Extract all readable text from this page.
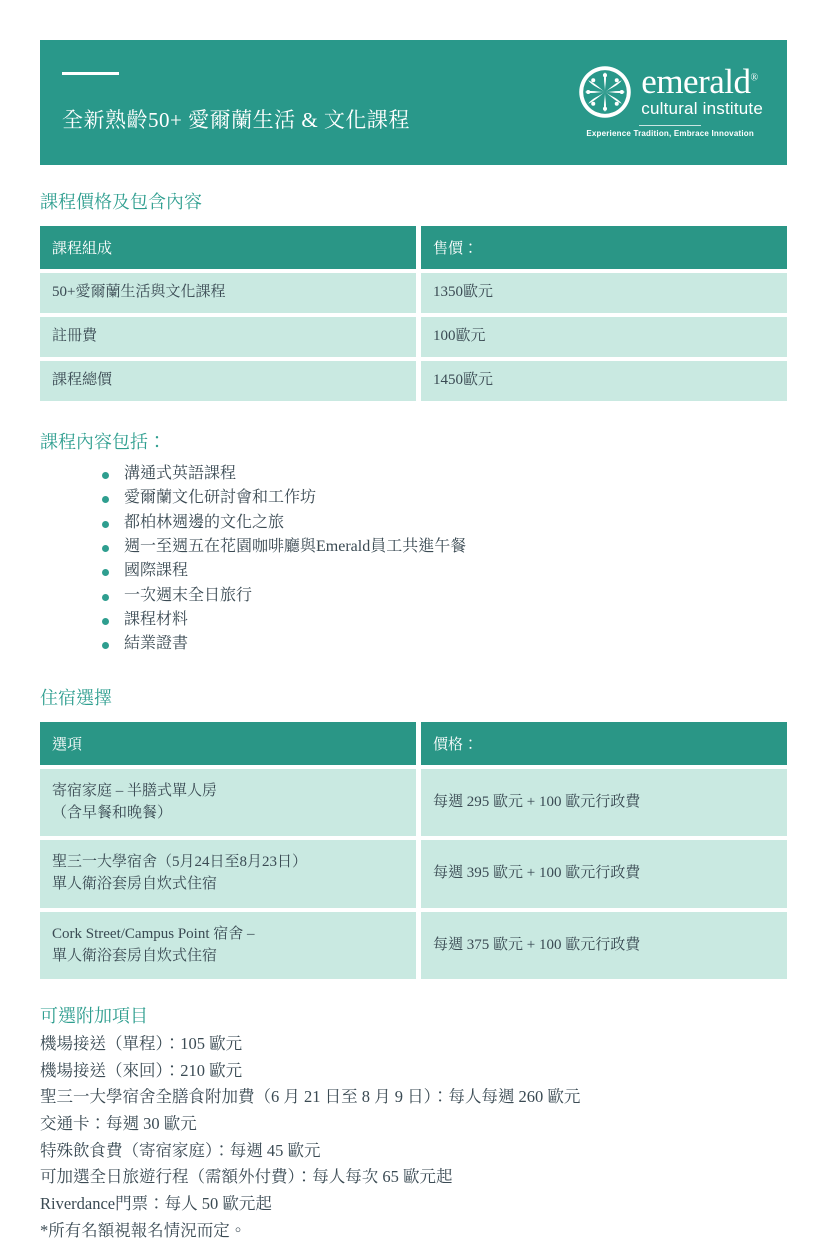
全新熟齡50+ 愛爾蘭生活 & 文化課程
emerald®
cultural institute
Experience Tradition, Embrace Innovation
課程價格及包含內容
課程組成		售價：

50+愛爾蘭生活與文化課程		1350歐元

註冊費		100歐元

課程總價		1450歐元
課程內容包括：
溝通式英語課程
愛爾蘭文化研討會和工作坊
都柏林週邊的文化之旅
週一至週五在花園咖啡廳與Emerald員工共進午餐
國際課程
一次週末全日旅行
課程材料
結業證書
住宿選擇
選項		價格：

寄宿家庭 – 半膳式單人房
（含早餐和晚餐）		每週 295 歐元 + 100 歐元行政費

聖三一大學宿舍（5月24日至8月23日）
單人衛浴套房自炊式住宿		每週 395 歐元 + 100 歐元行政費

Cork Street/Campus Point 宿舍 –
單人衛浴套房自炊式住宿		每週 375 歐元 + 100 歐元行政費
可選附加項目
機場接送（單程）：105 歐元
機場接送（來回）：210 歐元
聖三一大學宿舍全膳食附加費（6 月 21 日至 8 月 9 日）：每人每週 260 歐元
交通卡：每週 30 歐元
特殊飲食費（寄宿家庭）：每週 45 歐元
可加選全日旅遊行程（需額外付費）：每人每次 65 歐元起
Riverdance門票：每人 50 歐元起
*所有名額視報名情況而定。
